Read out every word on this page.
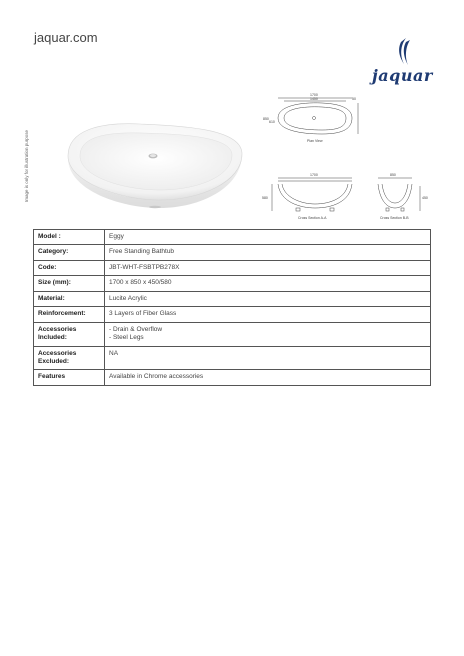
jaquar.com
jaquar
Image is only for illustration purpose
1700
1450	50
850
610
Plan View
1700
580
Cross Section A-A
850
450
Cross Section B-B
Model :	Eggy

Category:	Free Standing Bathtub

Code:	JBT-WHT-FSBTPB278X

Size (mm):	1700 x 850 x 450/580

Material:	Lucite Acrylic

Reinforcement:	3 Layers of Fiber Glass

Accessories Included:	- Drain & Overflow
- Steel Legs

Accessories Excluded:	NA

Features	Available in Chrome accessories
